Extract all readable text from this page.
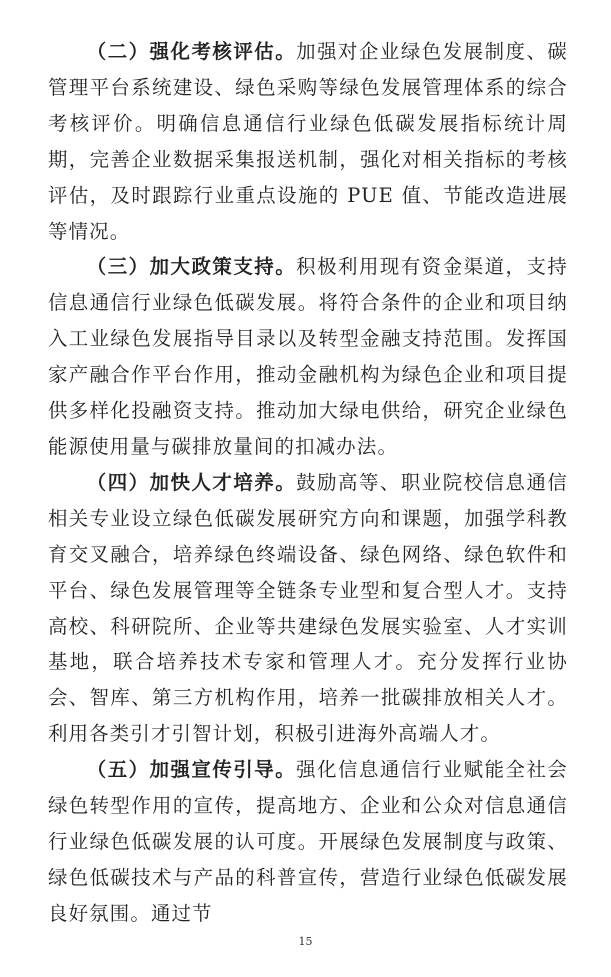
（二）强化考核评估。加强对企业绿色发展制度、碳管理平台系统建设、绿色采购等绿色发展管理体系的综合考核评价。明确信息通信行业绿色低碳发展指标统计周期，完善企业数据采集报送机制，强化对相关指标的考核评估，及时跟踪行业重点设施的 PUE 值、节能改造进展等情况。

（三）加大政策支持。积极利用现有资金渠道，支持信息通信行业绿色低碳发展。将符合条件的企业和项目纳入工业绿色发展指导目录以及转型金融支持范围。发挥国家产融合作平台作用，推动金融机构为绿色企业和项目提供多样化投融资支持。推动加大绿电供给，研究企业绿色能源使用量与碳排放量间的扣减办法。

（四）加快人才培养。鼓励高等、职业院校信息通信相关专业设立绿色低碳发展研究方向和课题，加强学科教育交叉融合，培养绿色终端设备、绿色网络、绿色软件和平台、绿色发展管理等全链条专业型和复合型人才。支持高校、科研院所、企业等共建绿色发展实验室、人才实训基地，联合培养技术专家和管理人才。充分发挥行业协会、智库、第三方机构作用，培养一批碳排放相关人才。利用各类引才引智计划，积极引进海外高端人才。

（五）加强宣传引导。强化信息通信行业赋能全社会绿色转型作用的宣传，提高地方、企业和公众对信息通信行业绿色低碳发展的认可度。开展绿色发展制度与政策、绿色低碳技术与产品的科普宣传，营造行业绿色低碳发展良好氛围。通过节

15
